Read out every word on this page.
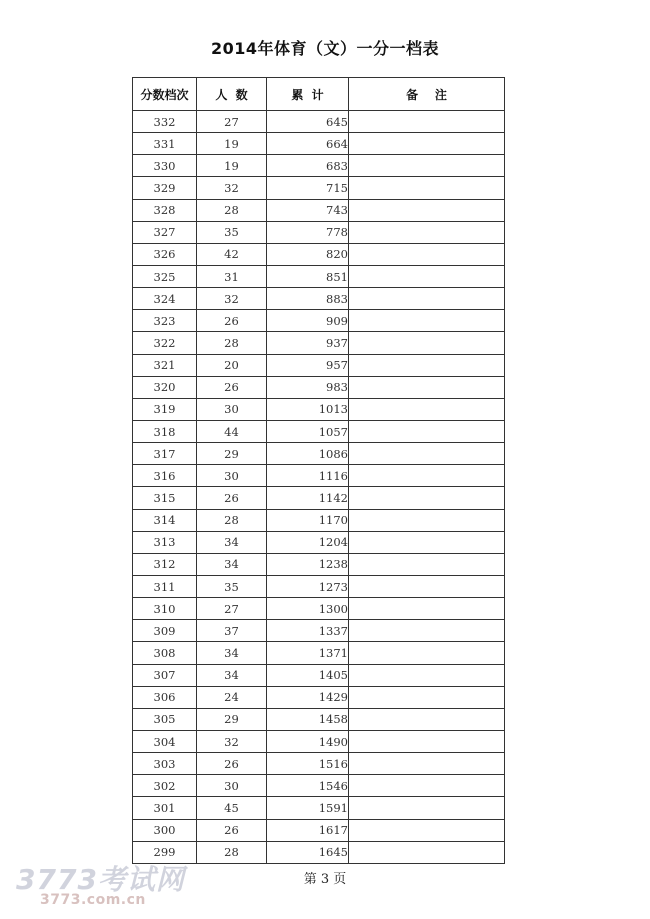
2014年体育（文）一分一档表
分数档次	人  数	累  计	备    注
332	27	645	
331	19	664	
330	19	683	
329	32	715	
328	28	743	
327	35	778	
326	42	820	
325	31	851	
324	32	883	
323	26	909	
322	28	937	
321	20	957	
320	26	983	
319	30	1013	
318	44	1057	
317	29	1086	
316	30	1116	
315	26	1142	
314	28	1170	
313	34	1204	
312	34	1238	
311	35	1273	
310	27	1300	
309	37	1337	
308	34	1371	
307	34	1405	
306	24	1429	
305	29	1458	
304	32	1490	
303	26	1516	
302	30	1546	
301	45	1591	
300	26	1617	
299	28	1645	
第 3 页
3773考试网
3773.com.cn
